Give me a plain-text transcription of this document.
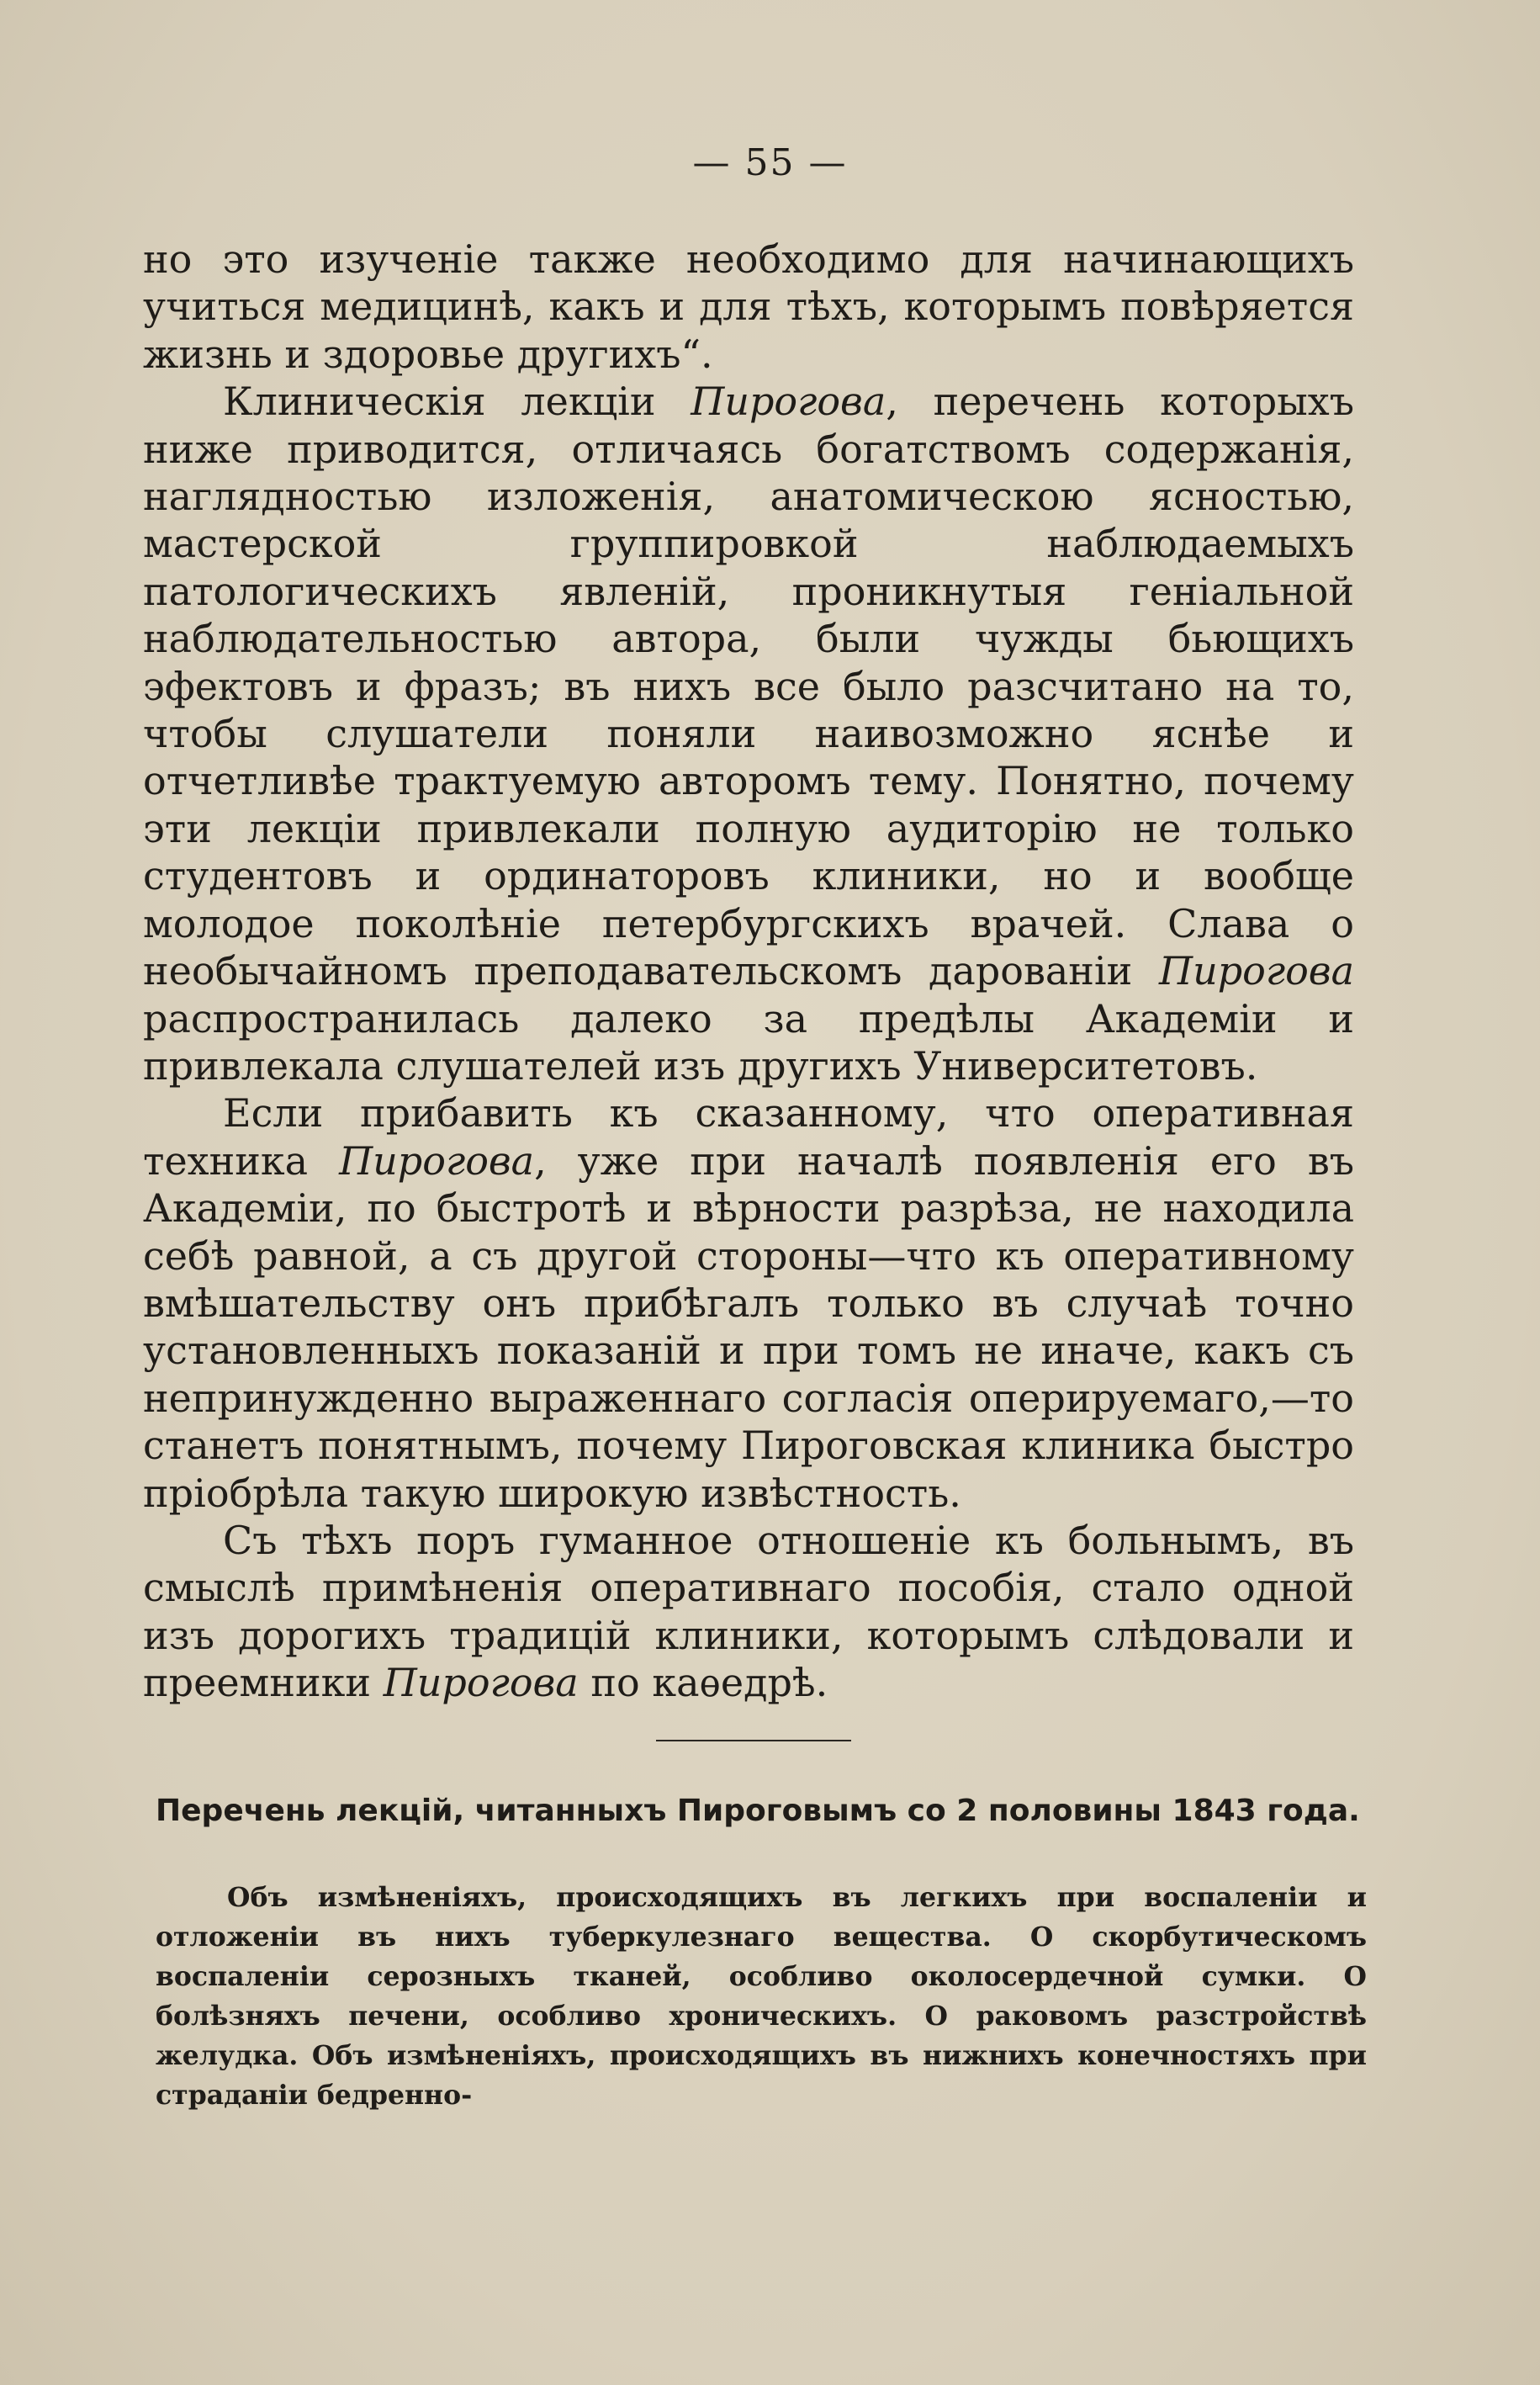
— 55 —

но это изученіе также необходимо для начинающихъ учиться медицинѣ, какъ и для тѣхъ, которымъ повѣряется жизнь и здоровье другихъ“.

Клиническія лекціи Пирогова, перечень которыхъ ниже приводится, отличаясь богатствомъ содержанія, наглядностью изложенія, анатомическою ясностью, мастерской группировкой наблюдаемыхъ патологическихъ явленій, проникнутыя геніальной наблюдательностью автора, были чужды бьющихъ эфектовъ и фразъ; въ нихъ все было разсчитано на то, чтобы слушатели поняли наивозможно яснѣе и отчетливѣе трактуемую авторомъ тему. Понятно, почему эти лекціи привлекали полную аудиторію не только студентовъ и ординаторовъ клиники, но и вообще молодое поколѣніе петербургскихъ врачей. Слава о необычайномъ преподавательскомъ дарованіи Пирогова распространилась далеко за предѣлы Академіи и привлекала слушателей изъ другихъ Университетовъ.

Если прибавить къ сказанному, что оперативная техника Пирогова, уже при началѣ появленія его въ Академіи, по быстротѣ и вѣрности разрѣза, не находила себѣ равной, а съ другой стороны—что къ оперативному вмѣшательству онъ прибѣгалъ только въ случаѣ точно установленныхъ показаній и при томъ не иначе, какъ съ непринужденно выраженнаго согласія оперируемаго,—то станетъ понятнымъ, почему Пироговская клиника быстро пріобрѣла такую широкую извѣстность.

Съ тѣхъ поръ гуманное отношеніе къ больнымъ, въ смыслѣ примѣненія оперативнаго пособія, стало одной изъ дорогихъ традицій клиники, которымъ слѣдовали и преемники Пирогова по каѳедрѣ.

Перечень лекцій, читанныхъ Пироговымъ со 2 половины 1843 года.

Объ измѣненіяхъ, происходящихъ въ легкихъ при воспаленіи и отложеніи въ нихъ туберкулезнаго вещества. О скорбутическомъ воспаленіи серозныхъ тканей, особливо околосердечной сумки. О болѣзняхъ печени, особливо хроническихъ. О раковомъ разстройствѣ желудка. Объ измѣненіяхъ, происходящихъ въ нижнихъ конечностяхъ при страданіи бедренно-
